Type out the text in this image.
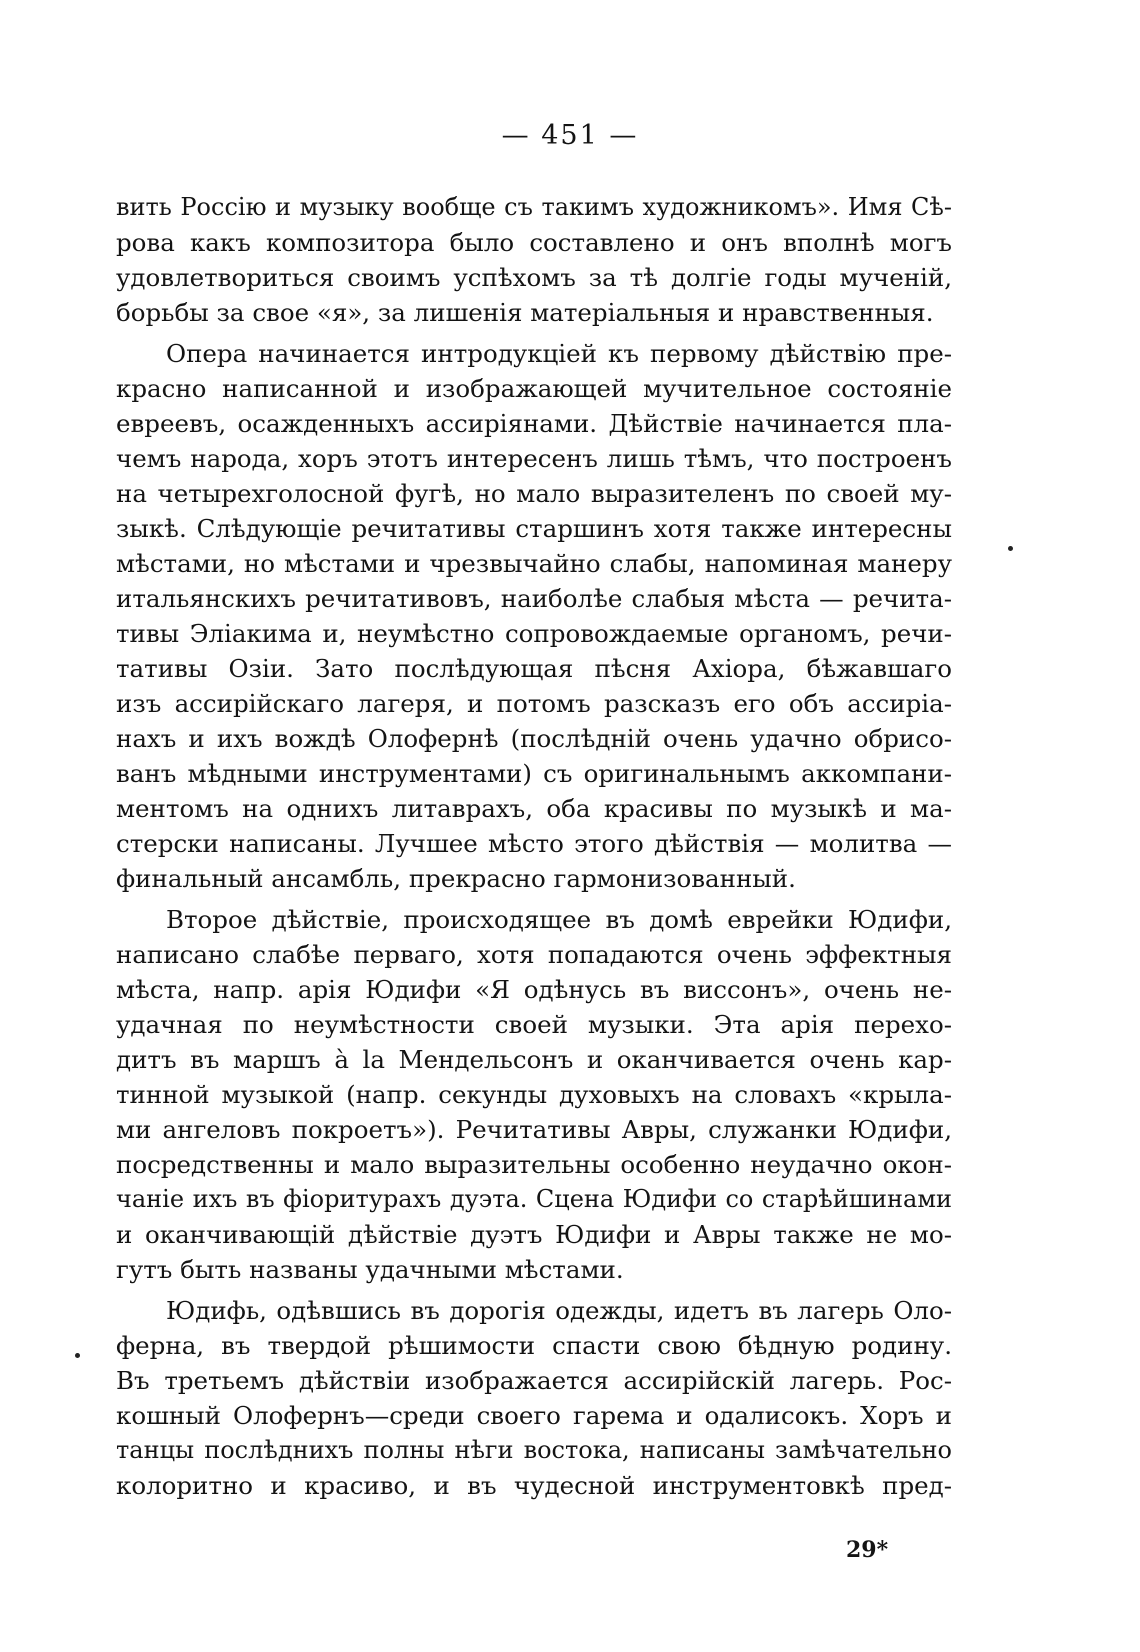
— 451 —
вить Россію и музыку вообще съ такимъ художникомъ». Имя Сѣ-
рова какъ композитора было составлено и онъ вполнѣ могъ
удовлетвориться своимъ успѣхомъ за тѣ долгіе годы мученій,
борьбы за свое «я», за лишенія матеріальныя и нравственныя.
Опера начинается интродукціей къ первому дѣйствію пре-
красно написанной и изображающей мучительное состояніе
евреевъ, осажденныхъ ассиріянами. Дѣйствіе начинается пла-
чемъ народа, хоръ этотъ интересенъ лишь тѣмъ, что построенъ
на четырехголосной фугѣ, но мало выразителенъ по своей му-
зыкѣ. Слѣдующіе речитативы старшинъ хотя также интересны
мѣстами, но мѣстами и чрезвычайно слабы, напоминая манеру
итальянскихъ речитативовъ, наиболѣе слабыя мѣста — речита-
тивы Эліакима и, неумѣстно сопровождаемые органомъ, речи-
тативы Озіи. Зато послѣдующая пѣсня Ахіора, бѣжавшаго
изъ ассирійскаго лагеря, и потомъ разсказъ его объ ассиріа-
нахъ и ихъ вождѣ Олофернѣ (послѣдній очень удачно обрисо-
ванъ мѣдными инструментами) съ оригинальнымъ аккомпани-
ментомъ на однихъ литаврахъ, оба красивы по музыкѣ и ма-
стерски написаны. Лучшее мѣсто этого дѣйствія — молитва —
финальный ансамбль, прекрасно гармонизованный.
Второе дѣйствіе, происходящее въ домѣ еврейки Юдифи,
написано слабѣе перваго, хотя попадаются очень эффектныя
мѣста, напр. арія Юдифи «Я одѣнусь въ виссонъ», очень не-
удачная по неумѣстности своей музыки. Эта арія перехо-
дитъ въ маршъ à la Мендельсонъ и оканчивается очень кар-
тинной музыкой (напр. секунды духовыхъ на словахъ «крыла-
ми ангеловъ покроетъ»). Речитативы Авры, служанки Юдифи,
посредственны и мало выразительны особенно неудачно окон-
чаніе ихъ въ фіоритурахъ дуэта. Сцена Юдифи со старѣйшинами
и оканчивающій дѣйствіе дуэтъ Юдифи и Авры также не мо-
гутъ быть названы удачными мѣстами.
Юдифь, одѣвшись въ дорогія одежды, идетъ въ лагерь Оло-
ферна, въ твердой рѣшимости спасти свою бѣдную родину.
Въ третьемъ дѣйствіи изображается ассирійскій лагерь. Рос-
кошный Олофернъ—среди своего гарема и одалисокъ. Хоръ и
танцы послѣднихъ полны нѣги востока, написаны замѣчательно
колоритно и красиво, и въ чудесной инструментовкѣ пред-
29*
